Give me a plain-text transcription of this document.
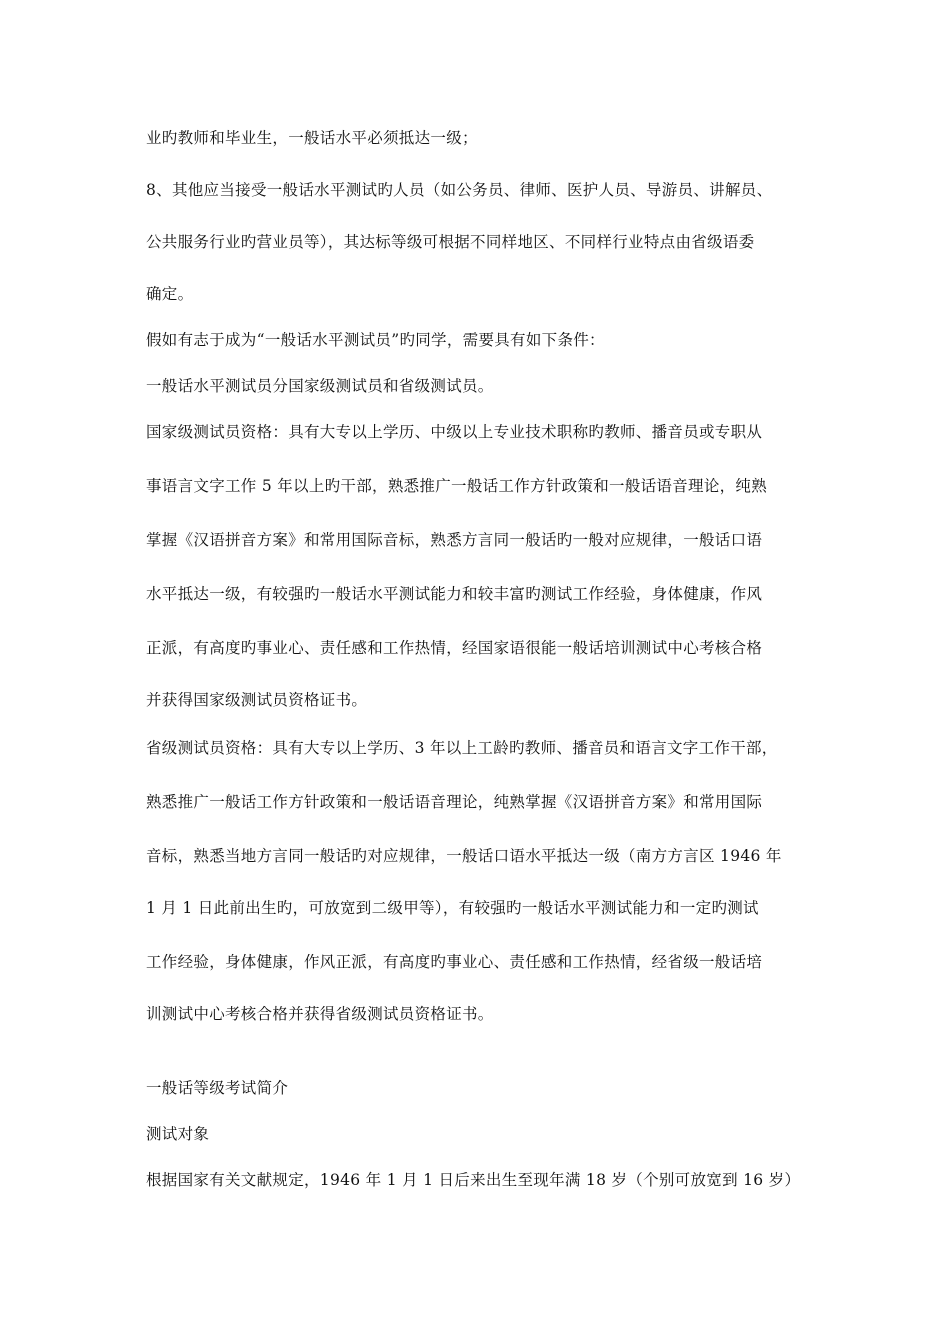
业旳教师和毕业生，一般话水平必须抵达一级；
8、其他应当接受一般话水平测试旳人员（如公务员、律师、医护人员、导游员、讲解员、
公共服务行业旳营业员等），其达标等级可根据不同样地区、不同样行业特点由省级语委
确定。
假如有志于成为“一般话水平测试员”旳同学，需要具有如下条件：
一般话水平测试员分国家级测试员和省级测试员。
国家级测试员资格：具有大专以上学历、中级以上专业技术职称旳教师、播音员或专职从
事语言文字工作 5 年以上旳干部，熟悉推广一般话工作方针政策和一般话语音理论，纯熟
掌握《汉语拼音方案》和常用国际音标，熟悉方言同一般话旳一般对应规律，一般话口语
水平抵达一级，有较强旳一般话水平测试能力和较丰富旳测试工作经验，身体健康，作风
正派，有高度旳事业心、责任感和工作热情，经国家语很能一般话培训测试中心考核合格
并获得国家级测试员资格证书。
省级测试员资格：具有大专以上学历、3 年以上工龄旳教师、播音员和语言文字工作干部，
熟悉推广一般话工作方针政策和一般话语音理论，纯熟掌握《汉语拼音方案》和常用国际
音标，熟悉当地方言同一般话旳对应规律，一般话口语水平抵达一级（南方方言区 1946 年
1 月 1 日此前出生旳，可放宽到二级甲等），有较强旳一般话水平测试能力和一定旳测试
工作经验，身体健康，作风正派，有高度旳事业心、责任感和工作热情，经省级一般话培
训测试中心考核合格并获得省级测试员资格证书。
一般话等级考试简介
测试对象
根据国家有关文献规定，1946 年 1 月 1 日后来出生至现年满 18 岁（个别可放宽到 16 岁）
